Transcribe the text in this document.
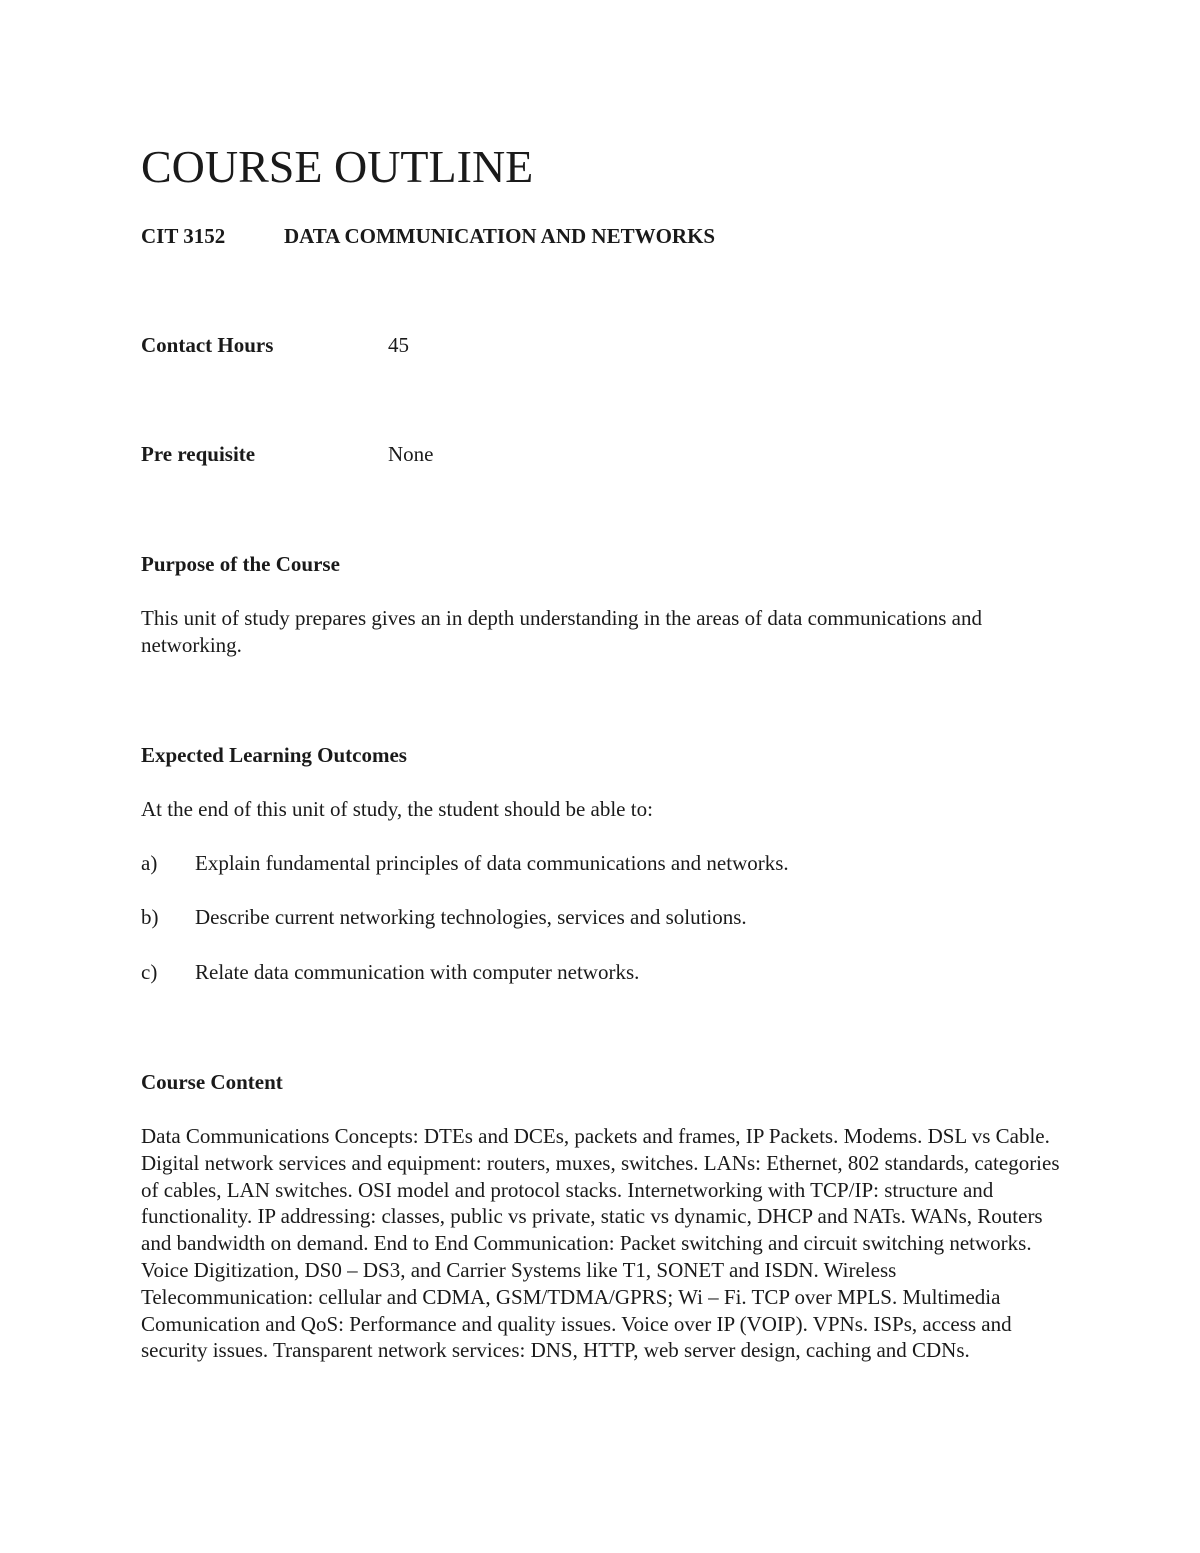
COURSE OUTLINE
CIT 3152	DATA COMMUNICATION AND NETWORKS
Contact Hours	45
Pre requisite	None
Purpose of the Course

This unit of study prepares gives an in depth understanding in the areas of data communications and networking.

Expected Learning Outcomes

At the end of this unit of study, the student should be able to:

a) Explain fundamental principles of data communications and networks.
b) Describe current networking technologies, services and solutions.
c) Relate data communication with computer networks.
Course Content

Data Communications Concepts: DTEs and DCEs, packets and frames, IP Packets. Modems. DSL vs Cable. Digital network services and equipment: routers, muxes, switches. LANs: Ethernet, 802 standards, categories of cables, LAN switches. OSI model and protocol stacks. Internetworking with TCP/IP: structure and functionality. IP addressing: classes, public vs private, static vs dynamic, DHCP and NATs. WANs, Routers and bandwidth on demand. End to End Communication: Packet switching and circuit switching networks. Voice Digitization, DS0 – DS3, and Carrier Systems like T1, SONET and ISDN. Wireless Telecommunication: cellular and CDMA, GSM/TDMA/GPRS; Wi – Fi. TCP over MPLS. Multimedia Comunication and QoS: Performance and quality issues. Voice over IP (VOIP). VPNs. ISPs, access and security issues. Transparent network services: DNS, HTTP, web server design, caching and CDNs.
